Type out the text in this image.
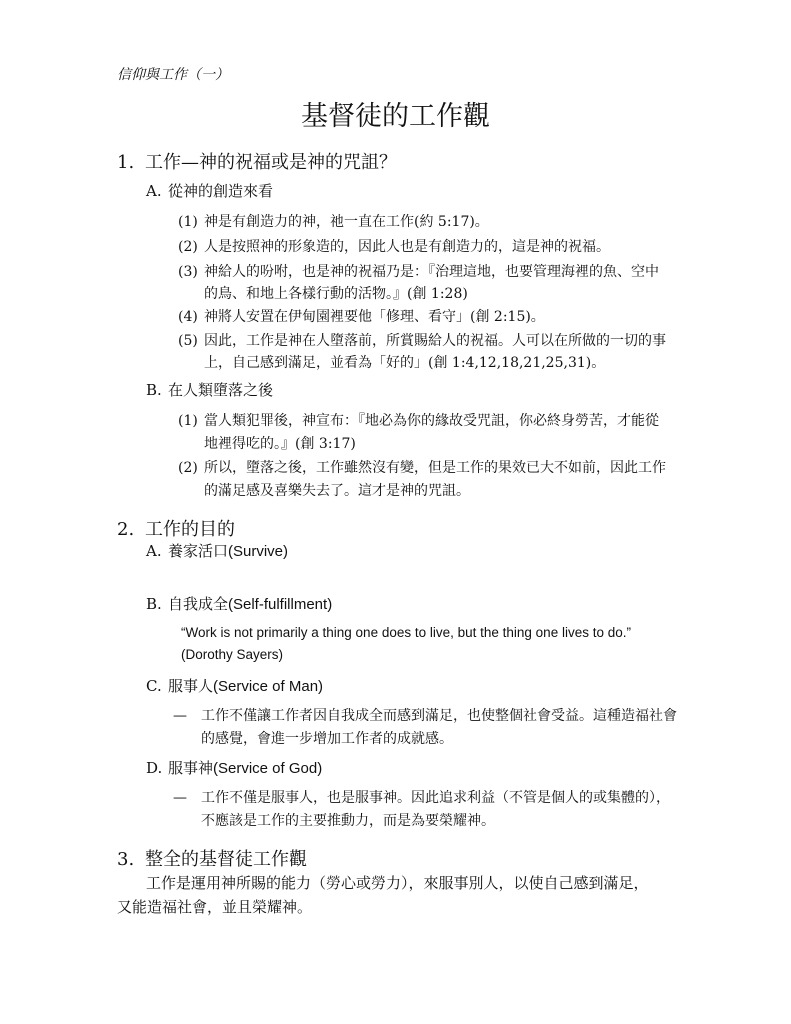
信仰與工作（一）
基督徒的工作觀
1. 工作—神的祝福或是神的咒詛？
A. 從神的創造來看
(1) 神是有創造力的神，祂一直在工作(約 5:17)。
(2) 人是按照神的形象造的，因此人也是有創造力的，這是神的祝福。
(3) 神給人的吩咐，也是神的祝福乃是：『治理這地，也要管理海裡的魚、空中
的鳥、和地上各樣行動的活物。』(創 1:28)
(4) 神將人安置在伊甸園裡要他「修理、看守」(創 2:15)。
(5) 因此，工作是神在人墮落前，所賞賜給人的祝福。人可以在所做的一切的事
上，自己感到滿足，並看為「好的」(創 1:4,12,18,21,25,31)。
B. 在人類墮落之後
(1) 當人類犯罪後，神宣布：『地必為你的緣故受咒詛，你必終身勞苦，才能從
地裡得吃的。』(創 3:17)
(2) 所以，墮落之後，工作雖然沒有變，但是工作的果效已大不如前，因此工作
的滿足感及喜樂失去了。這才是神的咒詛。
2. 工作的目的
A. 養家活口(Survive)
B. 自我成全(Self-fulfillment)
“Work is not primarily a thing one does to live, but the thing one lives to do.”
(Dorothy Sayers)
C. 服事人(Service of Man)
— 工作不僅讓工作者因自我成全而感到滿足，也使整個社會受益。這種造福社會
的感覺，會進一步增加工作者的成就感。
D. 服事神(Service of God)
— 工作不僅是服事人，也是服事神。因此追求利益（不管是個人的或集體的），
不應該是工作的主要推動力，而是為要榮耀神。
3. 整全的基督徒工作觀
工作是運用神所賜的能力（勞心或勞力），來服事別人，以使自己感到滿足，
又能造福社會，並且榮耀神。
